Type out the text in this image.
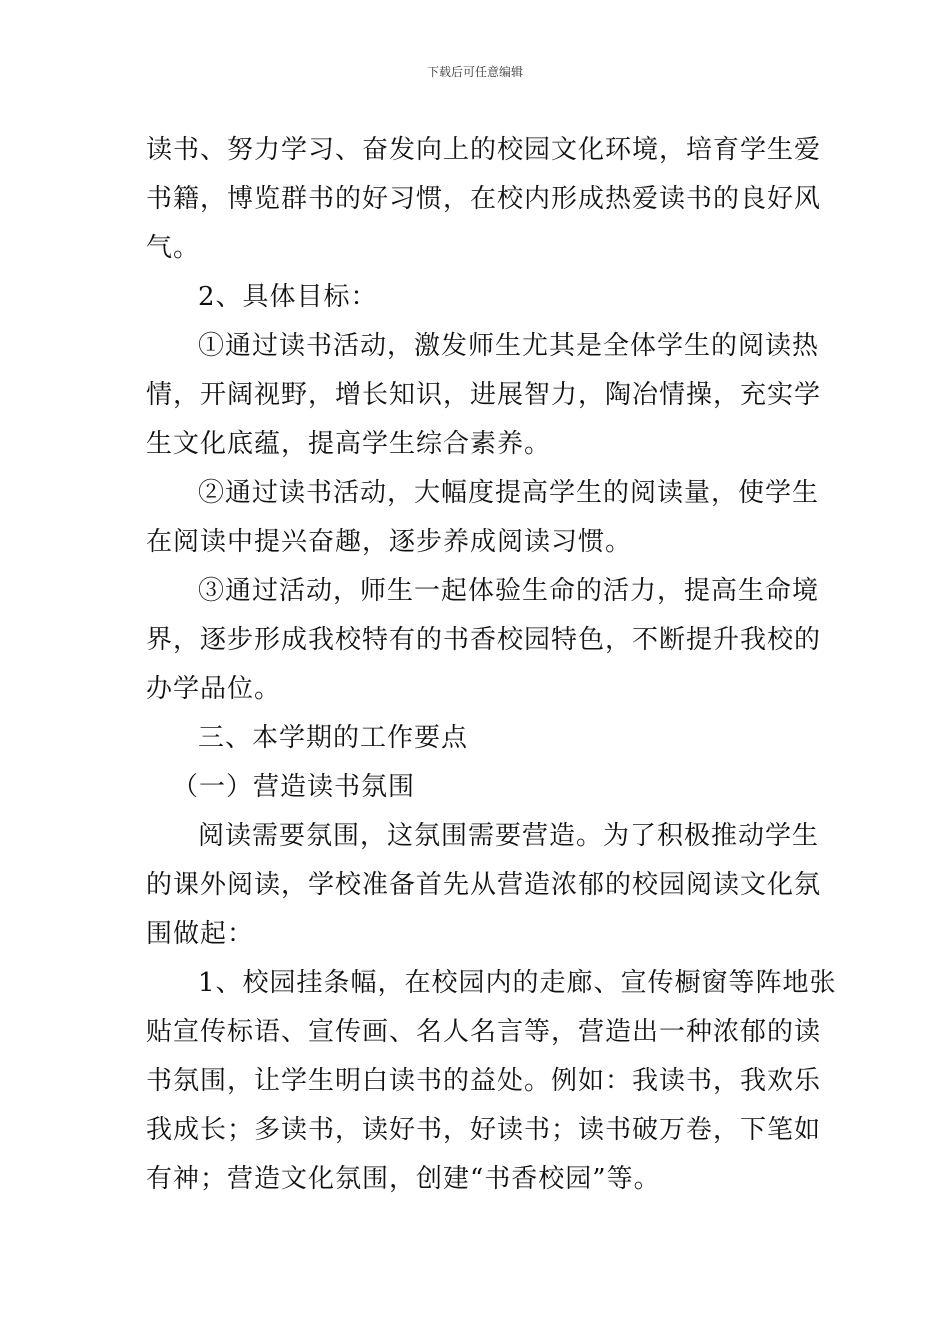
下载后可任意编辑
读书、努力学习、奋发向上的校园文化环境，培育学生爱
书籍，博览群书的好习惯，在校内形成热爱读书的良好风
气。
2、具体目标：
①通过读书活动，激发师生尤其是全体学生的阅读热
情，开阔视野，增长知识，进展智力，陶冶情操，充实学
生文化底蕴，提高学生综合素养。
②通过读书活动，大幅度提高学生的阅读量，使学生
在阅读中提兴奋趣，逐步养成阅读习惯。
③通过活动，师生一起体验生命的活力，提高生命境
界，逐步形成我校特有的书香校园特色，不断提升我校的
办学品位。
三、本学期的工作要点
（一）营造读书氛围
阅读需要氛围，这氛围需要营造。为了积极推动学生
的课外阅读，学校准备首先从营造浓郁的校园阅读文化氛
围做起：
1、校园挂条幅，在校园内的走廊、宣传橱窗等阵地张
贴宣传标语、宣传画、名人名言等，营造出一种浓郁的读
书氛围，让学生明白读书的益处。例如：我读书，我欢乐
我成长；多读书，读好书，好读书；读书破万卷，下笔如
有神；营造文化氛围，创建“书香校园”等。
